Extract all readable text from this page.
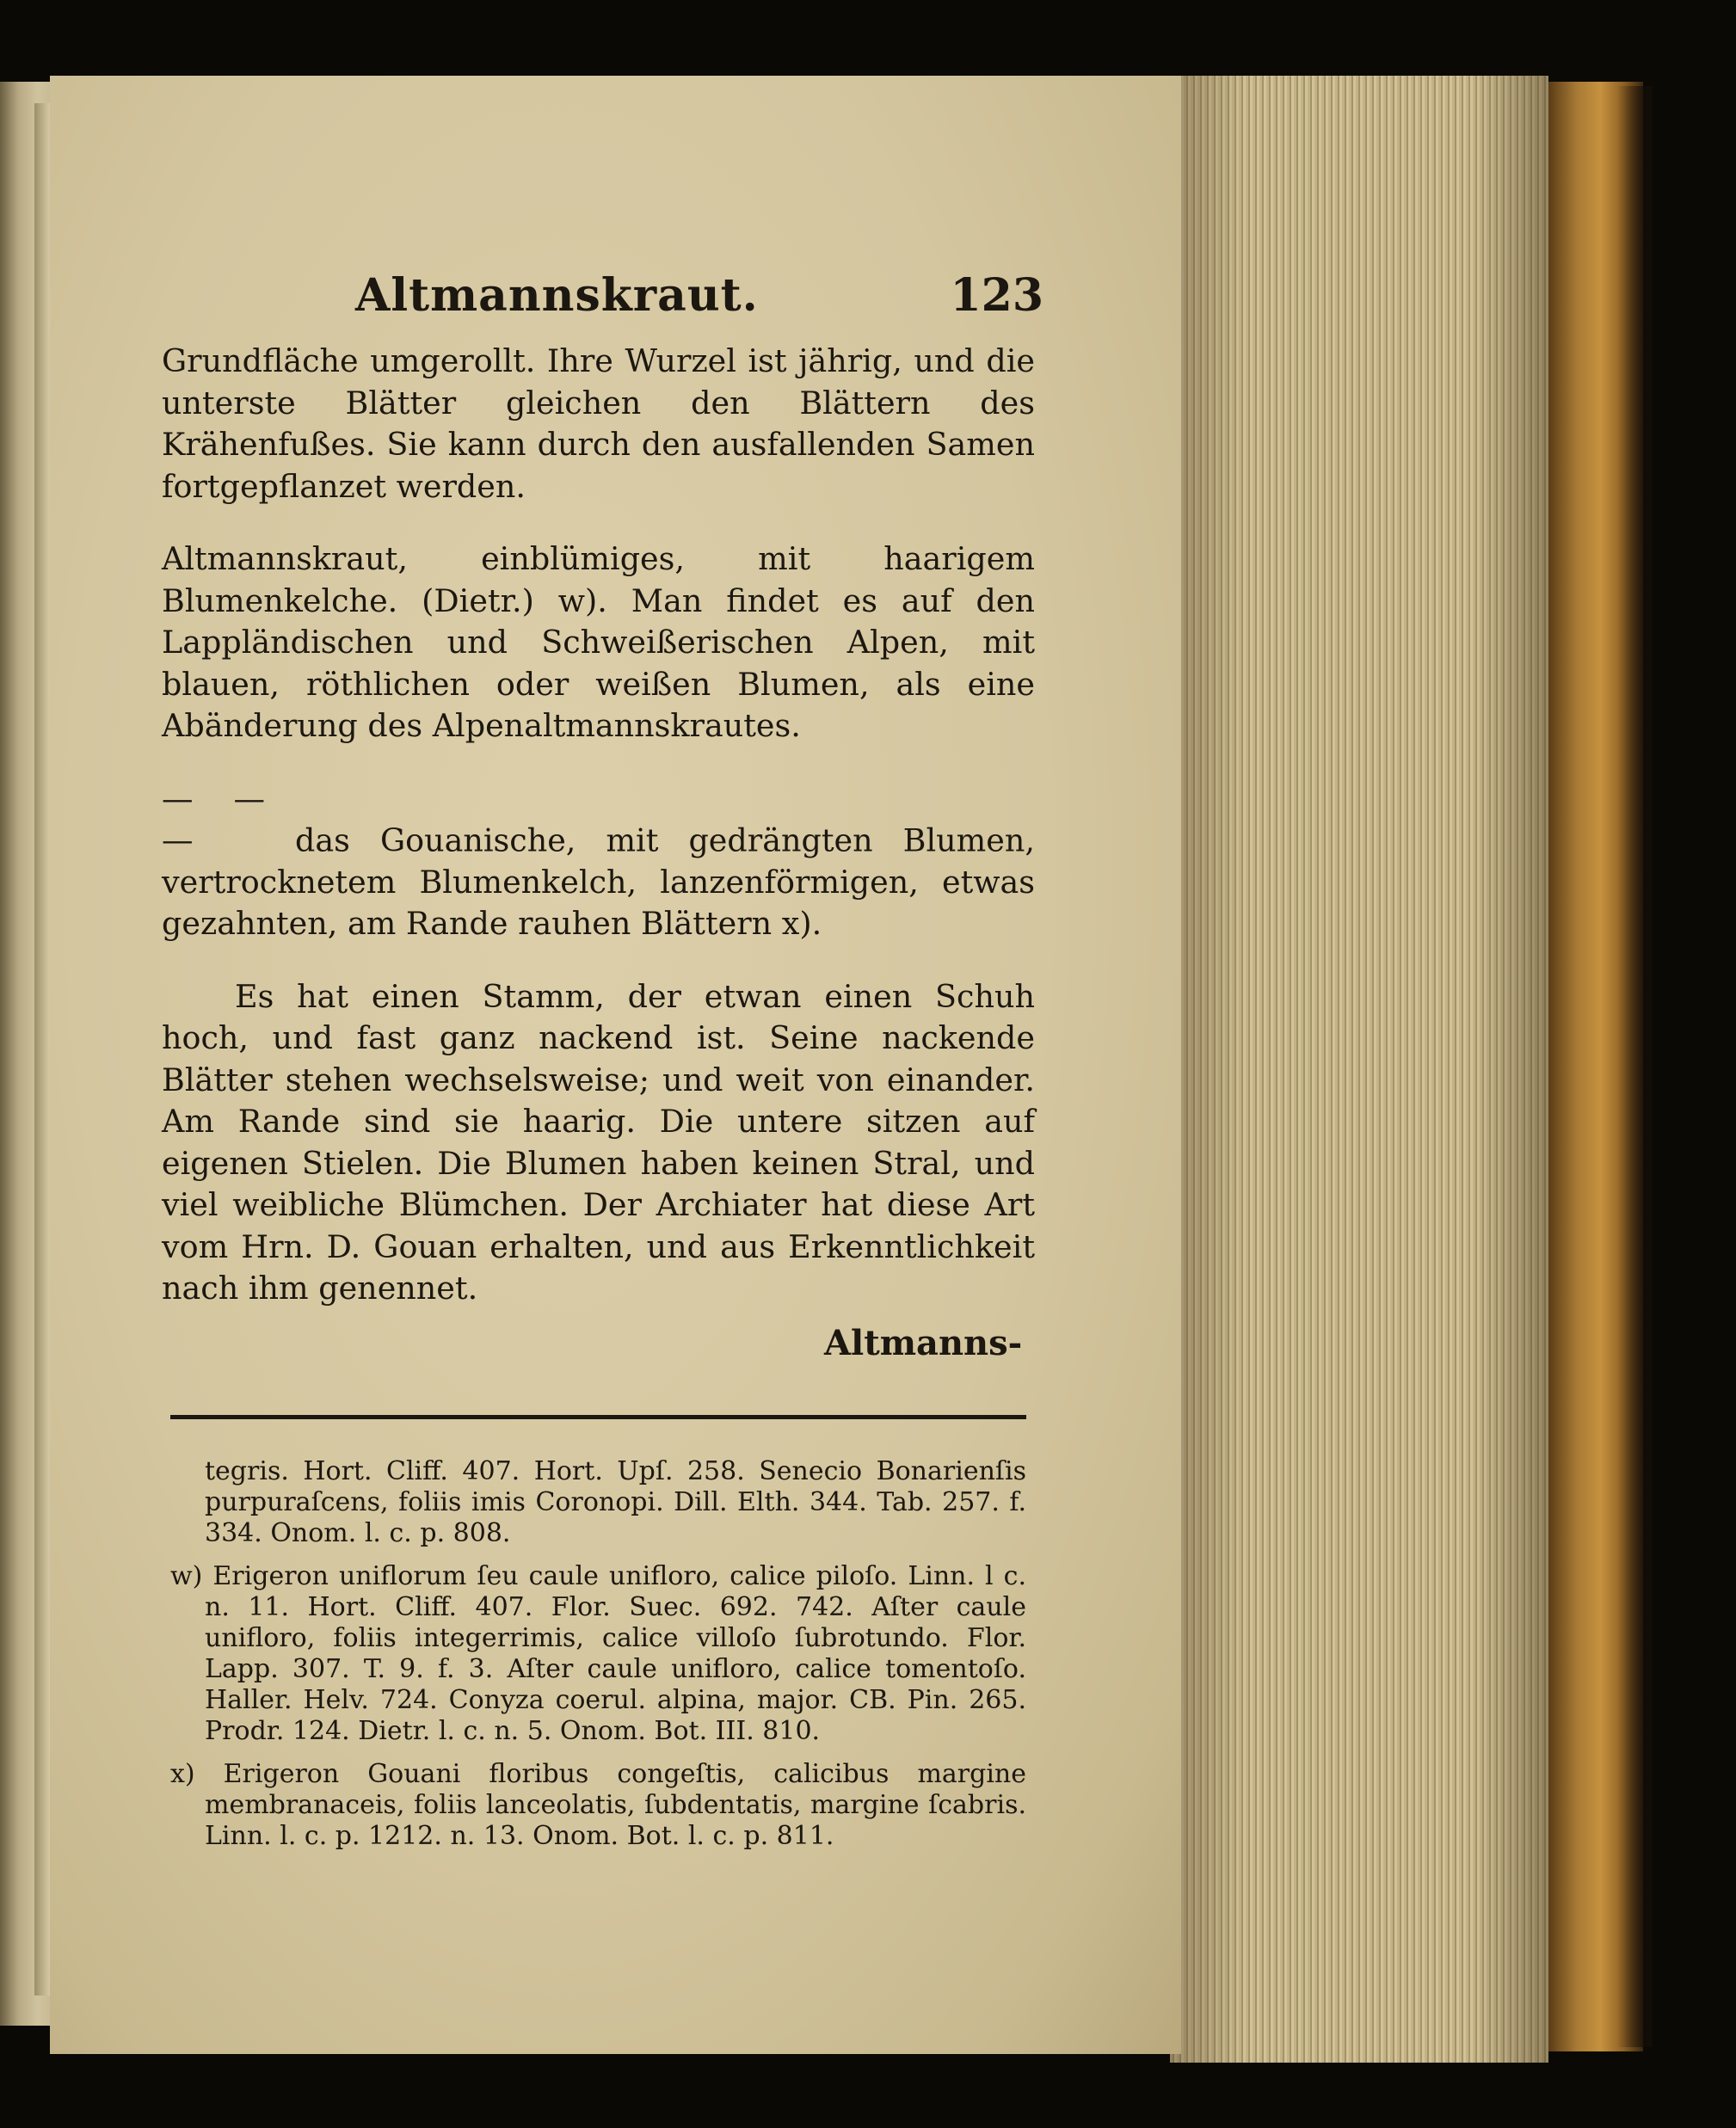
Altmannskraut.	123

Grundfläche umgerollt. Ihre Wurzel ist jährig, und die unterste Blätter gleichen den Blättern des Krähenfußes. Sie kann durch den ausfallenden Samen fortgepflanzet werden.

Altmannskraut, einblümiges, mit haarigem Blumenkelche. (Dietr.) w). Man findet es auf den Lappländischen und Schweißerischen Alpen, mit blauen, röthlichen oder weißen Blumen, als eine Abänderung des Alpenaltmannskrautes.

— — —	das Gouanische, mit gedrängten Blumen, vertrocknetem Blumenkelch, lanzenförmigen, etwas gezahnten, am Rande rauhen Blättern x).

Es hat einen Stamm, der etwan einen Schuh hoch, und fast ganz nackend ist. Seine nackende Blätter stehen wechselsweise; und weit von einander. Am Rande sind sie haarig. Die untere sitzen auf eigenen Stielen. Die Blumen haben keinen Stral, und viel weibliche Blümchen. Der Archiater hat diese Art vom Hrn. D. Gouan erhalten, und aus Erkenntlichkeit nach ihm genennet.

Altmanns-

tegris. Hort. Cliff. 407. Hort. Upſ. 258. Senecio Bonarienſis purpuraſcens, foliis imis Coronopi. Dill. Elth. 344. Tab. 257. f. 334. Onom. l. c. p. 808.

w) Erigeron uniflorum ſeu caule unifloro, calice piloſo. Linn. l c. n. 11. Hort. Cliff. 407. Flor. Suec. 692. 742. Aſter caule unifloro, foliis integerrimis, calice villoſo ſubrotundo. Flor. Lapp. 307. T. 9. f. 3. Aſter caule unifloro, calice tomentoſo. Haller. Helv. 724. Conyza coerul. alpina, major. CB. Pin. 265. Prodr. 124. Dietr. l. c. n. 5. Onom. Bot. III. 810.

x) Erigeron Gouani floribus congeſtis, calicibus margine membranaceis, foliis lanceolatis, ſubdentatis, margine ſcabris. Linn. l. c. p. 1212. n. 13. Onom. Bot. l. c. p. 811.
